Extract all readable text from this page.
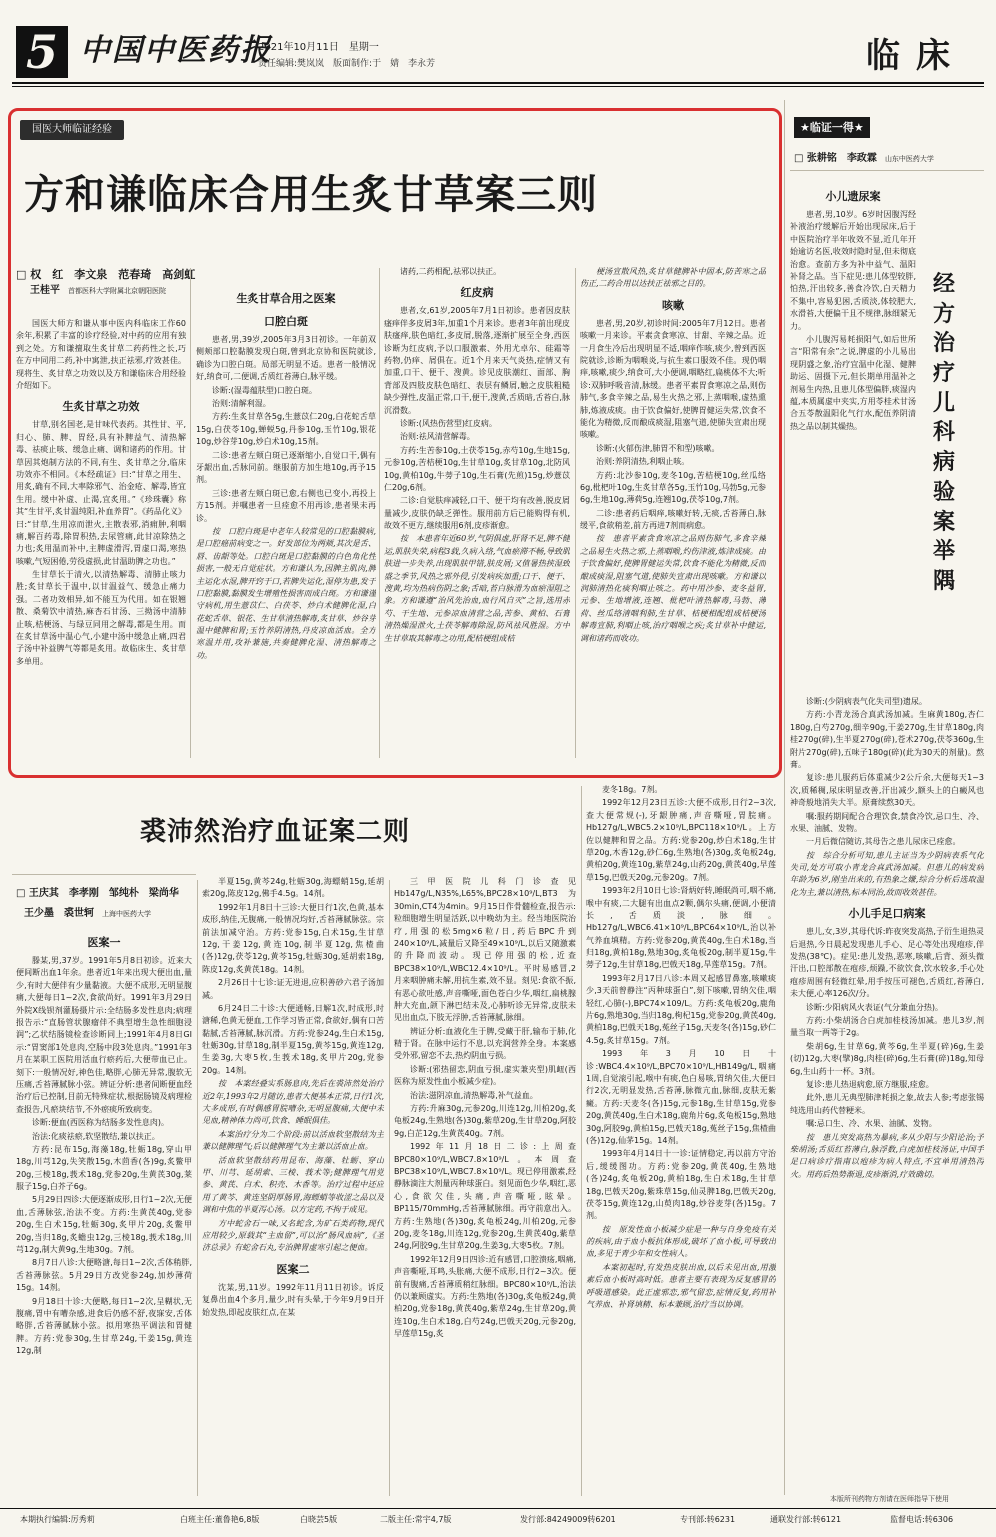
5 中国中医药报
2021年10月11日　星期一
责任编辑:樊岚岚　版面制作:于　婧　李永芳	临床
国医大师临证经验
方和谦临床合用生炙甘草案三则
□ 权　红　李文泉　范春琦　高剑虹
王桂平 首都医科大学附属北京朝阳医院

国医大师方和谦从事中医内科临床工作60余年,积累了丰富的诊疗经验,对中药的应用有独到之处。方和谦擅取生炙甘草二药药性之长,巧在方中同用二药,补中寓泄,扶正祛邪,疗效甚佳。现将生、炙甘草之功效以及方和谦临床合用经验介绍如下。

生炙甘草之功效

甘草,别名国老,是甘味代表药。其性甘、平,归心、肺、脾、胃经,具有补脾益气、清热解毒、祛痰止咳、缓急止痛、调和诸药的作用。甘草因其炮制方法的不同,有生、炙甘草之分,临床功效亦不相同。《本经疏证》曰:“甘草之用生、用炙,确有不同,大率除邪气、治金疮、解毒,皆宜生用。缓中补虚、止渴,宜炙用。”《珍珠囊》称其“生甘平,炙甘温纯阳,补血养胃”。《药品化义》曰:“甘草,生用凉而泄火,主散表邪,消痈肿,利咽痛,解百药毒,除胃积热,去尿管痛,此甘凉除热之力也;炙用温而补中,主脾虚滑泻,胃虚口渴,寒热咳嗽,气短困倦,劳役虚损,此甘温助脾之功也。”

生甘草长于清火,以清热解毒、清肺止咳力胜;炙甘草长于温中,以甘温益气、缓急止痛力强。二者功效相异,如不能互为代用。如在银翘散、桑菊饮中清热,麻杏石甘汤、三拗汤中清肺止咳,桔梗汤、与绿豆同用之解毒,都是生用。而在炙甘草汤中温心气,小建中汤中缓急止痛,四君子汤中补益脾气等都是炙用。故临床生、炙甘草多单用。

生炙甘草合用之医案
口腔白斑

患者,男,39岁,2005年3月3日初诊。一年前双侧颊部口腔黏膜发现白斑,曾到北京协和医院就诊,确诊为口腔白斑。局部无明显不适。患者一般情况好,纳食可,二便调,舌质红苔薄白,脉平缓。

诊断:(湿毒蕴肤型)口腔白斑。

治则:清解利湿。

方药:生炙甘草各5g,生薏苡仁20g,白花蛇舌草15g,白茯苓10g,蝉蜕5g,丹参10g,玉竹10g,银花10g,炒谷芽10g,炒白术10g,15剂。

二诊:患者左颊白斑已逐渐缩小,自觉口干,偶有牙龈出血,舌脉同前。继服前方加生地10g,再予15剂。

三诊:患者左颊白斑已愈,右侧也已变小,再投上方15剂。并嘱患者一旦痊愈不用再诊,患者果未再诊。

按　口腔白斑是中老年人较常见的口腔黏膜病,是口腔癌前病变之一。好发部位为两颊,其次是舌、唇、齿龈等处。口腔白斑是口腔黏膜的白色角化性损害,一般无自觉症状。方和谦认为,因脾主肌肉,脾主运化水湿,脾开窍于口,若脾失运化,湿停为患,发于口腔黏膜,黏膜发生增殖性损害而成白斑。方和谦谨守病机,用生薏苡仁、白茯苓、炒白术健脾化湿,白花蛇舌草、银花、生甘草清热解毒,炙甘草、炒谷芽温中健脾和胃;玉竹养阴清热,丹皮凉血活血。全方寒温并用,攻补兼施,共奏健脾化湿、清热解毒之功。

诸药,二药相配,祛邪以扶正。

红皮病

患者,女,61岁,2005年7月1日初诊。患者因皮肤瘙痒伴多皮屑3年,加重1个月来诊。患者3年前出现皮肤瘙痒,肤色暗红,多皮屑,脱落,逐渐扩展至全身,西医诊断为红皮病,予以口服激素、外用尤卓尔、硅霜等药物,仍痒、屑俱在。近1个月来天气炎热,症情又有加重,口干、便干、溲黄。诊见皮肤潮红、面部、胸背部及四肢皮肤色暗红、表层有鳞屑,触之皮肤粗糙缺少弹性,皮温正常,口干,便干,溲黄,舌质暗,舌苔白,脉沉滑数。

诊断:(风热伤营型)红皮病。

治则:祛风清营解毒。

方药:生苦参10g,土茯苓15g,赤芍10g,生地15g,元参10g,苦桔梗10g,生甘草10g,炙甘草10g,北防风10g,黄柏10g,牛蒡子10g,生石膏(先煎)15g,炒薏苡仁20g,6剂。

二诊:自觉肤痒减轻,口干、便干均有改善,脱皮屑量减少,皮肤仍缺乏弹性。服用前方后已能购得有机,故效不更方,继续服用6剂,皮疹渐愈。

按　本患者年近60岁,气阴俱虚,肝肾不足,脾不健运,肌肤失荣,病程3载,久病入络,气血瘀滞不畅,导致肌肤进一步失养,出现肌肤甲错,肤皮屑;又值暑热挟湿致盛之季节,风热之邪外侵,引发病疾加重;口干、便干、溲黄,均为热病伤阴之象;舌暗,苔白脉滑为血瘀湿阻之象。方和谦遵“治风先治血,血行风自灭”之旨,选用赤芍、干生地、元参凉血清营之品,苦参、黄柏、石膏清热燥湿泄火,土茯苓解毒除湿,防风祛风胜湿。方中生甘草取其解毒之功用,配桔梗组成桔

梗汤宣散风热,炙甘草健脾补中固本,防苦寒之品伤正,二药合用以达扶正祛邪之目的。

咳嗽

患者,男,20岁,初诊时间:2005年7月12日。患者咳嗽一月来诊。平素贪食寒凉、甘甜、辛辣之品。近一月食生冷后出现明显不适,咽痒作咳,痰少,曾到西医院就诊,诊断为咽喉炎,与抗生素口服效不佳。现仍咽痒,咳嗽,痰少,纳食可,大小便调,咽略红,扁桃体不大;听诊:双肺呼吸音清,脉缓。患者平素胃食寒凉之品,则伤肺气,多食辛辣之品,易生火热之邪,上蒸咽喉,虚热熏肺,炼液成痰。由于饮食偏好,使脾胃健运失常,饮食不能化为精微,反而酿成痰湿,阻塞气道,使肺失宣肃出现咳嗽。

诊断:(火郁伤津,肺胃不和型)咳嗽。

治则:养阴清热,利咽止咳。

方药:北沙参10g,麦冬10g,苦桔梗10g,丝瓜络6g,枇杷叶10g,生炙甘草各5g,玉竹10g,马勃5g,元参6g,生地10g,薄荷5g,连翘10g,茯苓10g,7剂。

二诊:患者药后咽痒,咳嗽好转,无痰,舌苔薄白,脉缓平,食欲稍差,前方再进7剂而病愈。

按　患者平素贪食寒凉之品则伤肺气,多食辛辣之品易生火热之邪,上蒸咽喉,灼伤津液,炼津成痰。由于饮食偏好,使脾胃健运失常,饮食不能化为精微,反而酿成痰湿,阻塞气道,使肺失宣肃出现咳嗽。方和谦以润肺清热化痰利咽止咳之。药中用沙参、麦冬益胃,元参、生地增液,连翘、枇杷叶清热解毒,马勃、薄荷、丝瓜络清咽利肺,生甘草、桔梗相配组成桔梗汤解毒宣肺,利咽止咳,治疗咽喉之疾;炙甘草补中健运,调和诸药而收功。

★临证一得★
□ 张耕铭　李政霖 山东中医药大学
经方治疗儿科病验案举隅
小儿遗尿案

患者,男,10岁。6岁时因腹泻经补液治疗缓解后开始出现尿床,后于中医院治疗半年收效不显,近几年开始逾访名医,收效时隐时显,但未彻底治愈。查前方多为补中益气、温阳补肾之品。当下症见:患儿体型较胖,怕热,汗出较多,善食冷饮,白天精力不集中,容易犯困,舌质淡,体较肥大,水滑苔,大便偏干且不规律,脉细紧无力。

小儿腹泻易耗损阳气,如后世所言“阳常有余”之说,脾虚的小儿易出现阴盛之象,治疗宜温中化湿、健脾助运、固摄下元,但长期单用温补之剂易生内热,且患儿体型偏胖,痰湿内蕴,本质属虚中夹实,方用苓桂术甘汤合五苓散温阳化气行水,配伍养阴清热之品以制其燥热。

诊断:(少阴病表气化失司型)遗尿。

方药:小青龙汤合真武汤加减。生麻黄180g,杏仁180g,白芍270g,细辛90g,干姜270g,生甘草180g,肉桂270g(碎),生半夏270g(碎),苍术270g,茯苓360g,生附片270g(碎),五味子180g(碎)(此为30天的剂量)。熬膏。

复诊:患儿服药后体重减少2公斤余,大便每天1~3次,质稀稠,尿床明显改善,汗出减少,额头上的白癜风也神奇般地消失大半。原膏续熬30天。

嘱:服药期间配合合理饮食,禁食冷饮,忌口生、冷、水果、油腻、发物。

一月后微信随访,其母告之患儿尿床已痊愈。

按　综合分析可知,患儿主证当为少阴病表系气化失司,处方可取小青龙合真武汤加减。但患儿的病发病年龄为6岁,刚坐出来的,有热象之嫌,综合分析后选取温化为主,兼以清热,标本同治,故而收效甚佳。

小儿手足口病案

患儿,女,3岁,其母代诉:昨夜突发高热,子衍生退热灵后退热,今日晨起发现患儿手心、足心等处出现疱疹,伴发热(38℃)。症见:患儿发热,恶寒,咳嗽,后背、颈头微汗出,口腔部散在疱疹,烦躁,不欲饮食,饮水较多,手心处疱疹周围有轻微红晕,用手按压可褪色,舌质红,苔薄白,未大便,心率126次/分。

诊断:少阳病风火表证(气分兼血分热)。

方药:小柴胡汤合白虎加桂枝汤加减。患儿3岁,剂量当取一两等于2g。

柴胡6g,生甘草6g,黄芩6g,生半夏(碎)6g,生姜(切)12g,大枣(擘)8g,肉桂(碎)6g,生石膏(碎)18g,知母6g,生山药十一杯。3剂。

复诊:患儿热退病愈,原方继服,痊愈。

此外,患儿无典型肺津耗损之象,故去人参;考虑张锡纯选用山药代替粳米。

嘱:忌口生、冷、水果、油腻、发物。

按　患儿突发高热为暴病,多从少阳与少阳论治;予柴胡汤;舌质红苔薄白,脉浮数,白虎加桂枝汤证,中国手足口病诊疗指南以疱疹为病人特点,不宜单用清热泻火。用药后热势渐退,皮疹渐消,疗效确切。

本版所刊药物方剂请在医师指导下使用
裘沛然治疗血证案二则
□ 王庆其　李孝刚　邹纯朴　梁尚华
王少墨　裘世轲 上海中医药大学
医案一

滕某,男,37岁。1991年5月8日初诊。近来大便间断出血1年余。患者近1年来出现大便出血,量少,有时大便伴有少量黏液。大便不成形,无明显腹痛,大便每日1~2次,食欲尚好。1991年3月29日外院X线钡剂灌肠摄片示:全结肠多发性息肉;病理报告示:“直肠管状腺瘤伴不典型增生急性细胞浸润”;乙状结肠镜检查诊断同上;1991年4月8日GI示:“胃窦部1处息肉,空肠中段3处息肉。”1991年3月在某职工医院用活血行瘀药后,大便带血已止。刻下:一般情况好,神色佳,略胖,心肺无异常,腹软无压痛,舌苔薄腻脉小弦。辨证分析:患者间断便血经治疗后已控制,目前无特殊症状,根据肠镜及病理检查报告,凡瘀块结节,不外瘀痰所致病变。

诊断:便血(西医称为结肠多发性息肉)。

治法:化痰祛瘀,软坚散结,兼以扶正。

方药:昆布15g,海藻18g,牡蛎18g,穿山甲18g,川芎12g,失笑散15g,木茴香(各)9g,炙鳖甲20g,三棱18g,莪术18g,党参20g,生黄芪30g,莱服子15g,白芥子6g。

5月29日四诊:大便逐渐成形,日行1~2次,无便血,舌薄脉弦,治法不变。方药:生黄芪40g,党参20g,生白术15g,牡蛎30g,炙甲片20g,炙鳖甲20g,当归18g,炙蟾虫12g,三棱18g,莪术18g,川芎12g,制大黄9g,生地30g。7剂。

8月7日八诊:大便略溏,每日1~2次,舌体稍胖,舌苔薄脉弦。5月29日方改党参24g,加炒薄荷15g。14剂。

9月18日十诊:大便略,每日1~2次,呈糊状,无腹痛,胃中有嘈杂感,进食后仍感不舒,夜寐安,舌体略胖,舌苔薄腻脉小弦。拟用寒热平调法和胃健脾。方药:党参30g,生甘草24g,干姜15g,黄连12g,制

半夏15g,黄芩24g,牡蛎30g,海螵蛸15g,延胡索20g,陈皮12g,佛手4.5g。14剂。

1992年1月8日十三诊:大便日行1次,色黄,基本成形,纳佳,无腹痛,一般情况均好,舌苔薄腻脉弦。宗前法加减守治。方药:党参15g,白术15g,生甘草12g,干姜12g,黄连10g,制半夏12g,焦楂曲(各)12g,茯苓12g,黄芩15g,牡蛎30g,延胡索18g,陈皮12g,炙黄芪18g。14剂。

2月26日十七诊:证无进退,应积善砂六君子汤加减。

6月24日二十诊:大便通畅,日解1次,时成形,时溏稀,色黄无便血,工作学习皆正常,食欲好,偶有口苦黏腻,舌苔薄腻,脉沉滑。方药:党参24g,生白术15g,牡蛎30g,甘草18g,制半夏15g,黄芩15g,黄连12g,生姜3g,大枣5枚,生莪术18g,炙甲片20g,党参20g。14剂。

按　本案经叠实系肠息肉,先后在裘沛然处治疗近2年,1993年2月随访,患者大便基本正常,日行1次,大多成形,有时偶感胃脘嘈杂,无明显腹痛,大便中未见血,精神体力尚可,饮食、睡眠俱佳。

本案治疗分为二个阶段:前以活血软坚散结为主兼以健脾理气;后以健脾理气为主兼以活血止血。

活血软坚散结药用昆布、海藻、牡蛎、穿山甲、川芎、延胡索、三棱、莪术等;健脾理气用党参、黄芪、白术、积壳、木香等。治疗过程中还应用了黄芩、黄连坚阴厚肠胃,海螵蛸等收涩之品以及调和中焦的半夏泻心汤。以方定药,不拘于成见。

方中蛇舍石一味,又名蛇含,为矿石类药物,现代应用较少,原载其“主血留”,可以治“肠风血病”,《圣济总录》有蛇舍石丸,专治脾胃虚寒引起之便血。

医案二

沈某,男,11岁。1992年11月11日初诊。诉反复鼻出血4个多月,量少,时有头晕,于今年9月9日开始发热,即起皮肤红点,在某

三甲医院儿科门诊查见Hb147g/L,N35%,L65%,BPC28×10⁹/L,BT3为30min,CT4为4min。9月15日作骨髓检查,报告示:粒细胞增生明显活跃,以中晚幼为主。经当地医院治疗,用强的松5mg×6粒/日,药后BPC升到240×10⁹/L,减量后又降至49×10⁹/L,以后又随激素的升降而波动。现已停用强的松,近查BPC38×10⁹/L,WBC12.4×10⁹/L。平时易感冒,2月来咽肿痛未解,用抗生素,效不显。刻见:食欲不振,有恶心欲吐感,声音嘶哑,面色苍白少华,咽红,扁桃腺肿大充血,颌下淋巴结未及,心肺听诊无异常,皮肤未见出血点,下肢无浮肿,舌苔薄腻,脉细。

辨证分析:血液化生于脾,受藏于肝,输布于肺,化精于肾。在脉中运行不息,以充润营养全身。本案感受外邪,留恋不去,热灼阴血亏损。

诊断:(邪热留恋,阴血亏损,虚实兼夹型)肌衄(西医称为原发性血小板减少症)。

治法:滋阴凉血,清热解毒,补气益血。

方药:升麻30g,元参20g,川连12g,川柏20g,炙龟板24g,生熟地(各)30g,紫草20g,生甘草20g,阿胶9g,白芷12g,生黄芪40g。7剂。

1992年11月18日二诊:上周查BPC80×10⁹/L,WBC7.8×10⁹/L。本周查BPC38×10⁹/L,WBC7.8×10⁹/L。现已停用激素,经静脉滴注大剂量丙种球蛋白。刻见面色少华,咽红,恶心,食欲欠佳,头痛,声音嘶哑,眩晕。BP115/70mmHg,舌苔薄腻脉细。再守前意出入。方药:生熟地(各)30g,炙龟板24g,川柏20g,元参20g,麦冬18g,川连12g,党参20g,生黄芪40g,紫草24g,阿胶9g,生甘草20g,生姜3g,大枣5枚。7剂。

1992年12月9日四诊:近有感冒,口腔溃疡,咽痛,声音嘶哑,耳鸣,头胀痛,大便不成形,日行2~3次。便前有腹痛,舌苔薄质稍红脉细。BPC80×10⁹/L,治法仍以兼顾虚实。方药:生熟地(各)30g,炙龟板24g,黄柏20g,党参18g,黄芪40g,紫草24g,生甘草20g,黄连10g,生白术18g,白芍24g,巴戟天20g,元参20g,早莲草15g,炙

麦冬18g。7剂。

1992年12月23日五诊:大便不成形,日行2~3次,查大便常规(-),牙龈肿痛,声音嘶哑,胃脘痛。Hb127g/L,WBC5.2×10⁹/L,BPC118×10⁹/L。上方佐以健脾和胃之品。方药:党参20g,炒白术18g,生甘草20g,木香12g,砂仁6g,生熟地(各)30g,炙龟板24g,黄柏20g,黄连10g,紫草24g,山药20g,黄芪40g,早莲草15g,巴戟天20g,元参20g。7剂。

1993年2月10日七诊:肾炳好转,睡眠尚可,咽不痛,喉中有痰,二大腿有出血点2颗,偶尔头痛,便调,小便清长,舌质淡,脉细。Hb127g/L,WBC6.41×10⁹/L,BPC64×10⁹/L,治以补气养血填精。方药:党参20g,黄芪40g,生白术18g,当归18g,黄柏18g,熟地30g,炙龟板20g,制半夏15g,牛蒡子12g,生甘草18g,巴戟天18g,旱莲草15g。7剂。

1993年2月17日八诊:本周又起感冒鼻塞,咳嗽痰少,3天前曾静注“丙种球蛋白”,刻下咳嗽,胃纳欠佳,咽轻红,心肺(-),BPC74×109/L。方药:炙龟板20g,鹿角片6g,熟地30g,当归18g,枸杞15g,党参20g,黄芪40g,黄柏18g,巴戟天18g,菟丝子15g,天麦冬(各)15g,砂仁4.5g,炙甘草15g。7剂。

1993年3月10日十诊:WBC4.4×10⁹/L,BPC70×10⁹/L,HB149g/L,咽痛1周,自觉滚引起,喉中有痰,色白易咳,胃纳欠佳,大便日行2次,无明显发热,舌苔薄,脉微亢血,脉细,皮肤无紫癜。方药:天麦冬(各)15g,元参18g,生甘草15g,党参20g,黄芪40g,生白术18g,鹿角片6g,炙龟板15g,熟地30g,阿胶9g,黄柏15g,巴戟天18g,菟丝子15g,焦楂曲(各)12g,仙茅15g。14剂。

1993年4月14日十一诊:证情稳定,再以前方守治后,缓缓图功。方药:党参20g,黄芪40g,生熟地(各)24g,炙龟板20g,黄柏18g,生白术18g,生甘草18g,巴戟天20g,紫珠草15g,仙灵脾18g,巴戟天20g,茯苓15g,黄连12g,山萸肉18g,炒谷麦芽(各)15g。7剂。

按　原发性血小板减少症是一种与自身免疫有关的疾病,由于血小板抗体形成,破坏了血小板,可导致出血,多见于青少年和女性病人。

本案初起时,有发热皮肤出血,以后未见出血,用激素后血小板时高时低。患者主要有表现为反复感冒的呼吸道感染。此正虚邪恋,邪气留恋,症情反复,药用补气养血、补肾填精、标本兼顾,治疗当以协调。

本期执行编辑:厉秀莉	白班主任:董鲁艳6,8版	白晓芸5版	二版主任:常宇4,7版	发行部:84249009转6201	专刊部:转6231	通联发行部:转6121	监督电话:转6306
